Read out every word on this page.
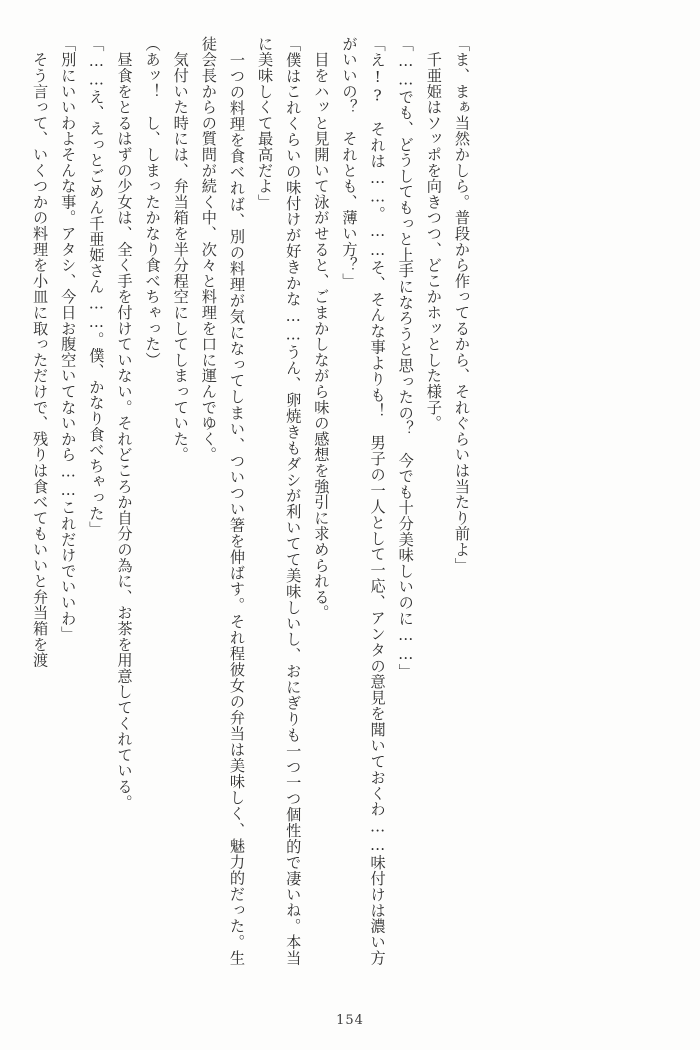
「ま、まぁ当然かしら。普段から作ってるから、それぐらいは当たり前よ」

　千亜姫はソッポを向きつつ、どこかホッとした様子。

「……でも、どうしてもっと上手になろうと思ったの？　今でも十分美味しいのに……」

「え!?　それは……。……そ、そんな事よりも！　男子の一人として一応、アンタの意見を聞いておくわ……味付けは濃い方がいいの？　それとも、薄い方？」

　目をハッと見開いて泳がせると、ごまかしながら味の感想を強引に求められる。

「僕はこれくらいの味付けが好きかな……うん、卵焼きもダシが利いてて美味しいし、おにぎりも一つ一つ個性的で凄いね。本当に美味しくて最高だよ」

　一つの料理を食べれば、別の料理が気になってしまい、ついつい箸を伸ばす。それ程彼女の弁当は美味しく、魅力的だった。生徒会長からの質問が続く中、次々と料理を口に運んでゆく。

　気付いた時には、弁当箱を半分程空にしてしまっていた。

（あッ！　し、しまったかなり食べちゃった）

　昼食をとるはずの少女は、全く手を付けていない。それどころか自分の為に、お茶を用意してくれている。

「……え、えっとごめん千亜姫さん……。僕、かなり食べちゃった」

「別にいいわよそんな事。アタシ、今日お腹空いてないから……これだけでいいわ」

　そう言って、いくつかの料理を小皿に取っただけで、残りは食べてもいいと弁当箱を渡

154
